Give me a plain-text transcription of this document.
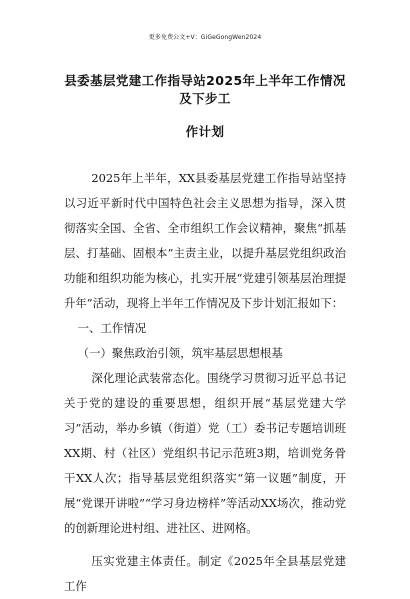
更多免费公文+V：GiGeGongWen2024
县委基层党建工作指导站2025年上半年工作情况及下步工
作计划

2025年上半年，XX县委基层党建工作指导站坚持以习近平新时代中国特色社会主义思想为指导，深入贯彻落实全国、全省、全市组织工作会议精神，聚焦“抓基层、打基础、固根本”主责主业，以提升基层党组织政治功能和组织功能为核心，扎实开展“党建引领基层治理提升年”活动，现将上半年工作情况及下步计划汇报如下：

一、工作情况

（一）聚焦政治引领，筑牢基层思想根基

深化理论武装常态化。围绕学习贯彻习近平总书记关于党的建设的重要思想，组织开展“基层党建大学习”活动，举办乡镇（街道）党（工）委书记专题培训班XX期、村（社区）党组织书记示范班3期，培训党务骨干XX人次；指导基层党组织落实“第一议题”制度，开展“党课开讲啦”“学习身边榜样”等活动XX场次，推动党的创新理论进村组、进社区、进网格。

压实党建主体责任。制定《2025年全县基层党建工作
